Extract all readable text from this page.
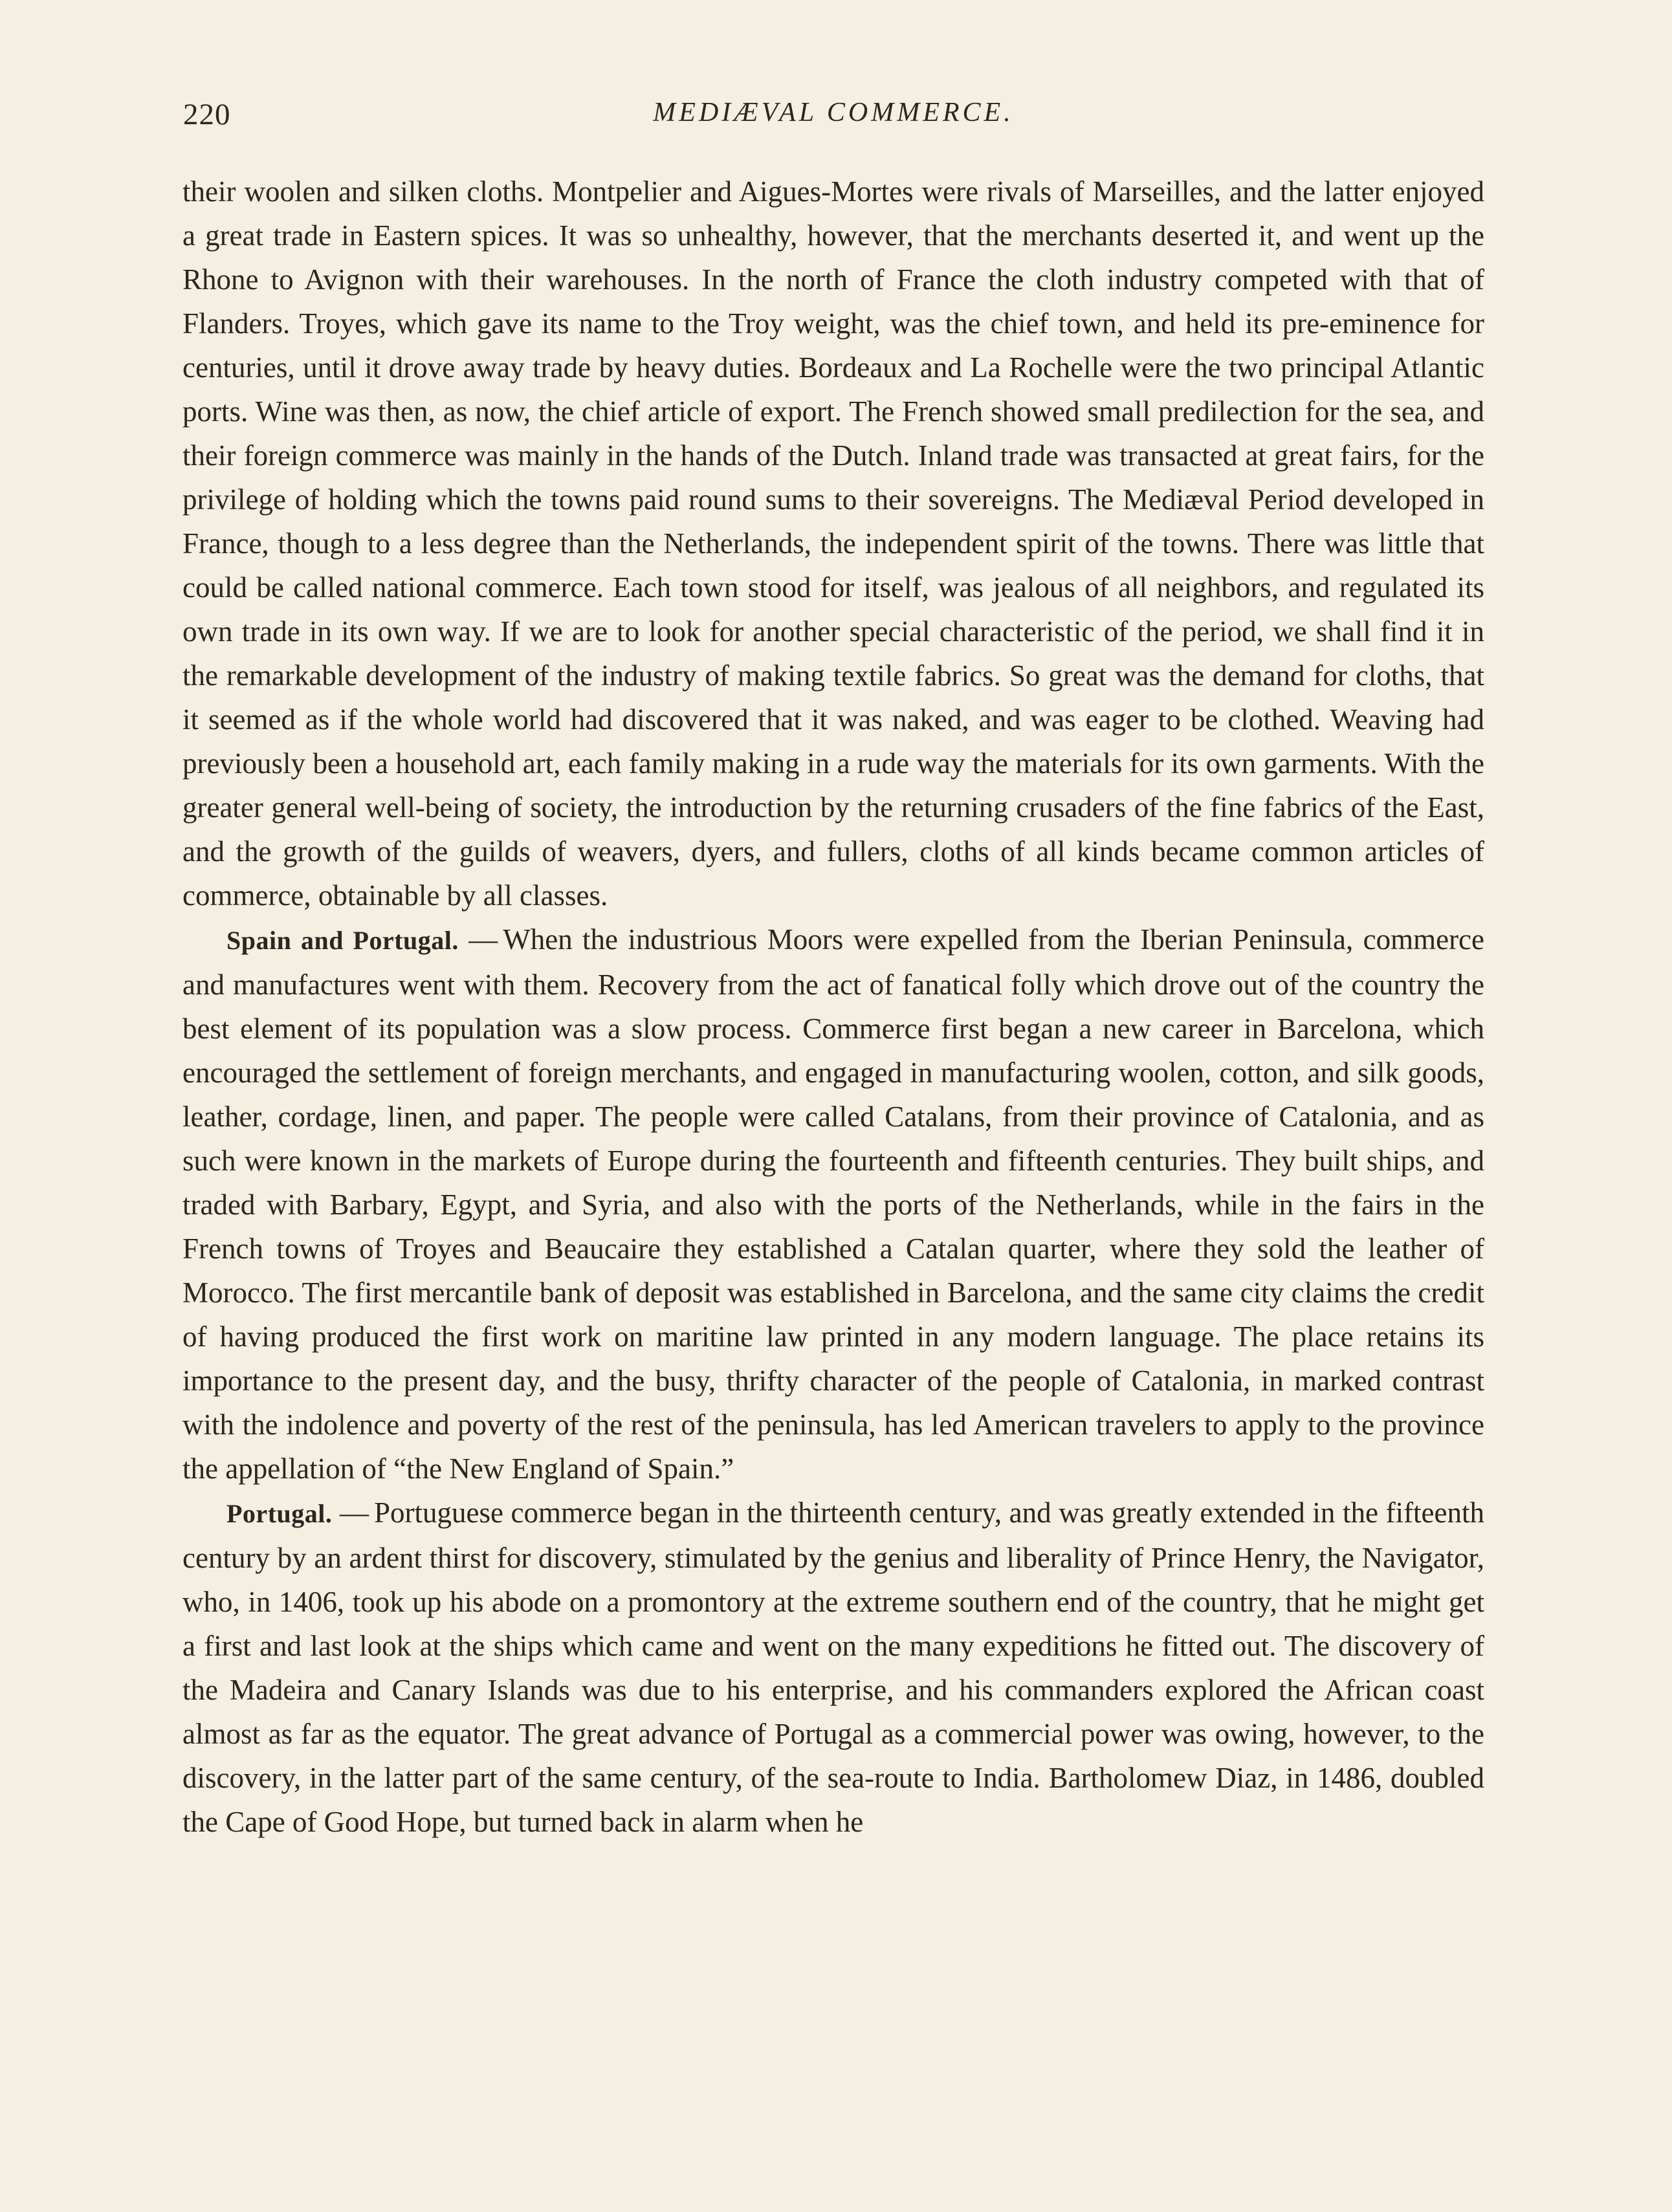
220	MEDIÆVAL COMMERCE.

their woolen and silken cloths. Montpelier and Aigues-Mortes were rivals of Marseilles, and the latter enjoyed a great trade in Eastern spices. It was so unhealthy, however, that the merchants deserted it, and went up the Rhone to Avignon with their warehouses. In the north of France the cloth industry competed with that of Flanders. Troyes, which gave its name to the Troy weight, was the chief town, and held its pre-eminence for centuries, until it drove away trade by heavy duties. Bordeaux and La Rochelle were the two principal Atlantic ports. Wine was then, as now, the chief article of export. The French showed small predilection for the sea, and their foreign commerce was mainly in the hands of the Dutch. Inland trade was transacted at great fairs, for the privilege of holding which the towns paid round sums to their sovereigns. The Mediæval Period developed in France, though to a less degree than the Netherlands, the independent spirit of the towns. There was little that could be called national commerce. Each town stood for itself, was jealous of all neighbors, and regulated its own trade in its own way. If we are to look for another special characteristic of the period, we shall find it in the remarkable development of the industry of making textile fabrics. So great was the demand for cloths, that it seemed as if the whole world had discovered that it was naked, and was eager to be clothed. Weaving had previously been a household art, each family making in a rude way the materials for its own garments. With the greater general well-being of society, the introduction by the returning crusaders of the fine fabrics of the East, and the growth of the guilds of weavers, dyers, and fullers, cloths of all kinds became common articles of commerce, obtainable by all classes.

Spain and Portugal. — When the industrious Moors were expelled from the Iberian Peninsula, commerce and manufactures went with them. Recovery from the act of fanatical folly which drove out of the country the best element of its population was a slow process. Commerce first began a new career in Barcelona, which encouraged the settlement of foreign merchants, and engaged in manufacturing woolen, cotton, and silk goods, leather, cordage, linen, and paper. The people were called Catalans, from their province of Catalonia, and as such were known in the markets of Europe during the fourteenth and fifteenth centuries. They built ships, and traded with Barbary, Egypt, and Syria, and also with the ports of the Netherlands, while in the fairs in the French towns of Troyes and Beaucaire they established a Catalan quarter, where they sold the leather of Morocco. The first mercantile bank of deposit was established in Barcelona, and the same city claims the credit of having produced the first work on maritine law printed in any modern language. The place retains its importance to the present day, and the busy, thrifty character of the people of Catalonia, in marked contrast with the indolence and poverty of the rest of the peninsula, has led American travelers to apply to the province the appellation of “the New England of Spain.”

Portugal. — Portuguese commerce began in the thirteenth century, and was greatly extended in the fifteenth century by an ardent thirst for discovery, stimulated by the genius and liberality of Prince Henry, the Navigator, who, in 1406, took up his abode on a promontory at the extreme southern end of the country, that he might get a first and last look at the ships which came and went on the many expeditions he fitted out. The discovery of the Madeira and Canary Islands was due to his enterprise, and his commanders explored the African coast almost as far as the equator. The great advance of Portugal as a commercial power was owing, however, to the discovery, in the latter part of the same century, of the sea-route to India. Bartholomew Diaz, in 1486, doubled the Cape of Good Hope, but turned back in alarm when he
